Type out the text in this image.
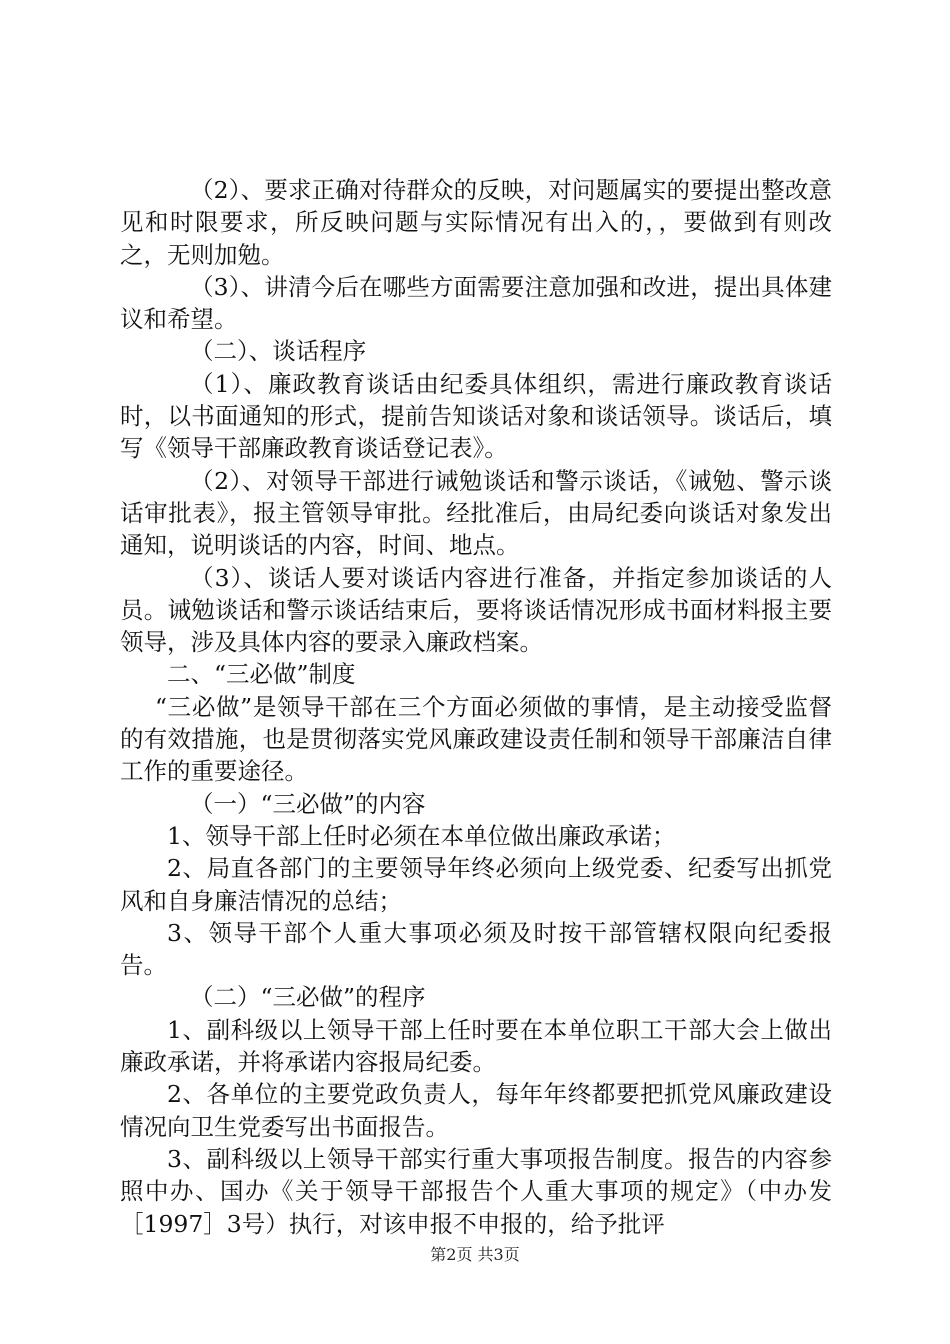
（2）、要求正确对待群众的反映，对问题属实的要提出整改意见和时限要求，所反映问题与实际情况有出入的，，要做到有则改之，无则加勉。

（3）、讲清今后在哪些方面需要注意加强和改进，提出具体建议和希望。

（二）、谈话程序

（1）、廉政教育谈话由纪委具体组织，需进行廉政教育谈话时，以书面通知的形式，提前告知谈话对象和谈话领导。谈话后，填写《领导干部廉政教育谈话登记表》。

（2）、对领导干部进行诫勉谈话和警示谈话，《诫勉、警示谈话审批表》，报主管领导审批。经批准后，由局纪委向谈话对象发出通知，说明谈话的内容，时间、地点。

（3）、谈话人要对谈话内容进行准备，并指定参加谈话的人员。诫勉谈话和警示谈话结束后，要将谈话情况形成书面材料报主要领导，涉及具体内容的要录入廉政档案。

二、“三必做”制度

“三必做”是领导干部在三个方面必须做的事情，是主动接受监督的有效措施，也是贯彻落实党风廉政建设责任制和领导干部廉洁自律工作的重要途径。

（一）“三必做”的内容

1、领导干部上任时必须在本单位做出廉政承诺；

2、局直各部门的主要领导年终必须向上级党委、纪委写出抓党风和自身廉洁情况的总结；

3、领导干部个人重大事项必须及时按干部管辖权限向纪委报告。

（二）“三必做”的程序

1、副科级以上领导干部上任时要在本单位职工干部大会上做出廉政承诺，并将承诺内容报局纪委。

2、各单位的主要党政负责人，每年年终都要把抓党风廉政建设情况向卫生党委写出书面报告。

3、副科级以上领导干部实行重大事项报告制度。报告的内容参照中办、国办《关于领导干部报告个人重大事项的规定》（中办发［1997］3号）执行，对该申报不申报的，给予批评

第2页 共3页
